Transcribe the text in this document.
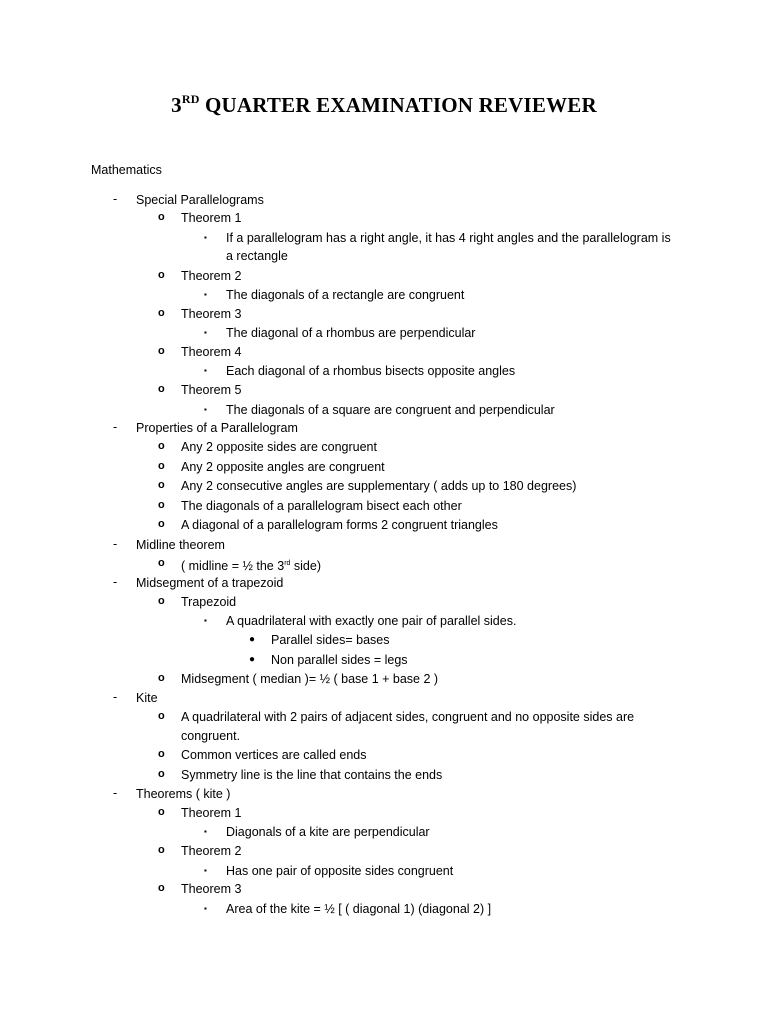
3RD QUARTER EXAMINATION REVIEWER
Mathematics
- Special Parallelograms
o Theorem 1
▪ If a parallelogram has a right angle, it has 4 right angles and the parallelogram is
a rectangle
o Theorem 2
▪ The diagonals of a rectangle are congruent
o Theorem 3
▪ The diagonal of a rhombus are perpendicular
o Theorem 4
▪ Each diagonal of a rhombus bisects opposite angles
o Theorem 5
▪ The diagonals of a square are congruent and perpendicular
- Properties of a Parallelogram
o Any 2 opposite sides are congruent
o Any 2 opposite angles are congruent
o Any 2 consecutive angles are supplementary ( adds up to 180 degrees)
o The diagonals of a parallelogram bisect each other
o A diagonal of a parallelogram forms 2 congruent triangles
- Midline theorem
o ( midline = ½ the 3rd side)
- Midsegment of a trapezoid
o Trapezoid
▪ A quadrilateral with exactly one pair of parallel sides.
● Parallel sides= bases
● Non parallel sides = legs
o Midsegment ( median )= ½ ( base 1 + base 2 )
- Kite
o A quadrilateral with 2 pairs of adjacent sides, congruent and no opposite sides are
congruent.
o Common vertices are called ends
o Symmetry line is the line that contains the ends
- Theorems ( kite )
o Theorem 1
▪ Diagonals of a kite are perpendicular
o Theorem 2
▪ Has one pair of opposite sides congruent
o Theorem 3
▪ Area of the kite = ½ [ ( diagonal 1) (diagonal 2) ]
